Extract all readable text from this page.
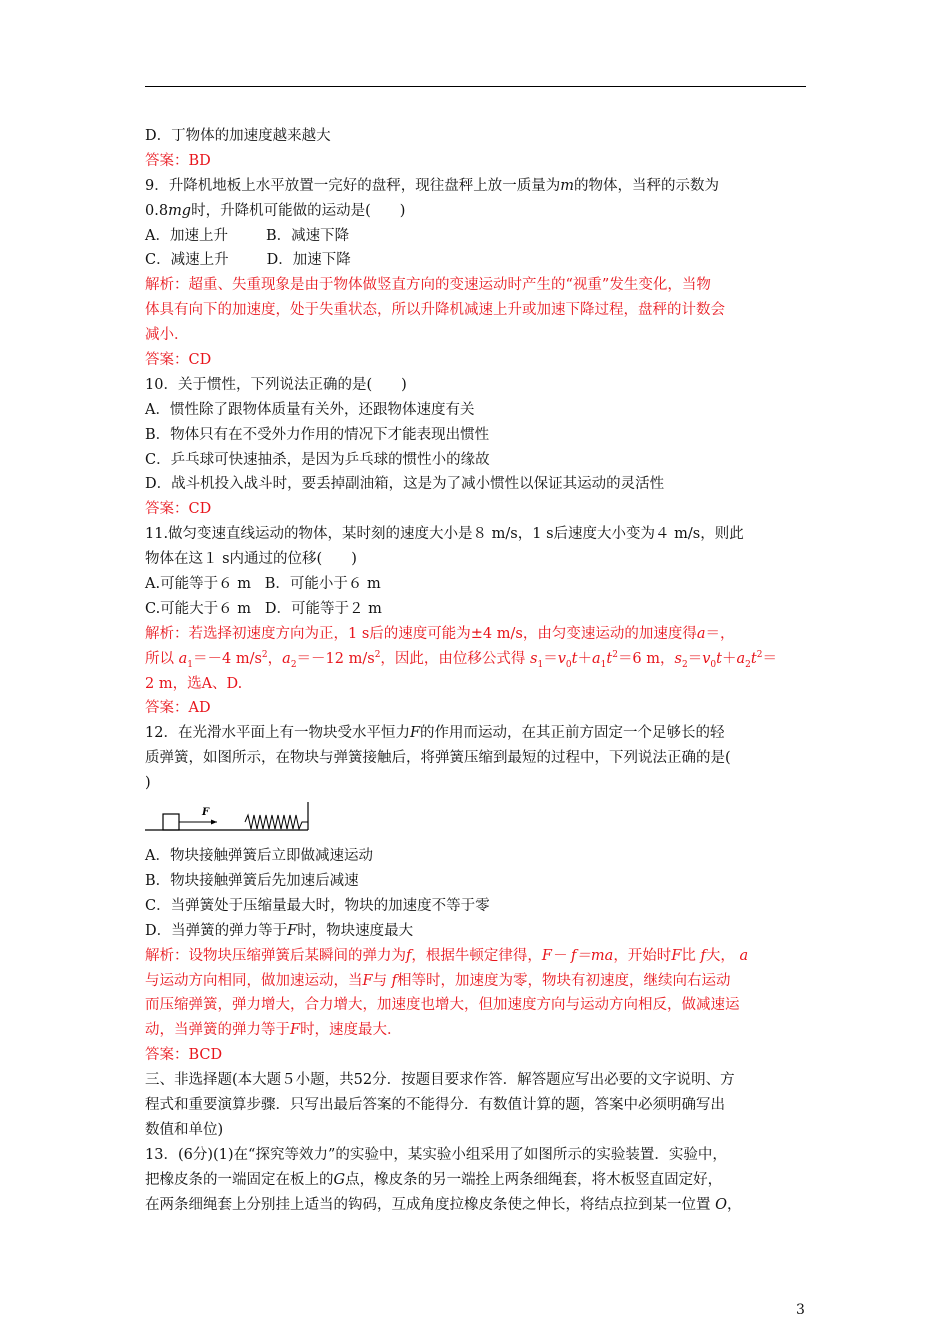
D．丁物体的加速度越来越大
答案：BD
9．升降机地板上水平放置一完好的盘秤，现往盘秤上放一质量为m的物体，当秤的示数为
0.8mg时，升降机可能做的运动是(　　)
A．加速上升	B．减速下降
C．减速上升	D．加速下降
解析：超重、失重现象是由于物体做竖直方向的变速运动时产生的“视重”发生变化，当物
体具有向下的加速度，处于失重状态，所以升降机减速上升或加速下降过程，盘秤的计数会
减小．
答案：CD
10．关于惯性，下列说法正确的是(　　)
A．惯性除了跟物体质量有关外，还跟物体速度有关
B．物体只有在不受外力作用的情况下才能表现出惯性
C．乒乓球可快速抽杀，是因为乒乓球的惯性小的缘故
D．战斗机投入战斗时，要丢掉副油箱，这是为了减小惯性以保证其运动的灵活性
答案：CD
11.做匀变速直线运动的物体，某时刻的速度大小是８ m/s，1 s后速度大小变为４ m/s，则此
物体在这１ s内通过的位移(　　)
A.可能等于６ m B．可能小于６ m
C.可能大于６ m D．可能等于２ m
解析：若选择初速度方向为正，1 s后的速度可能为±4 m/s，由匀变速运动的加速度得a＝，
所以 $a_1=-4$ $m/s^2$，$a_2=-12$ $m/s^2$，因此，由位移公式得 $s_1=v_0t+a_1t^2=6$ m，$s_2=v_0t+a_2t^2=$
2 m，选A、D.
答案：AD
12．在光滑水平面上有一物块受水平恒力F的作用而运动，在其正前方固定一个足够长的轻
质弹簧，如图所示，在物块与弹簧接触后，将弹簧压缩到最短的过程中，下列说法正确的是(
)
F
A．物块接触弹簧后立即做减速运动
B．物块接触弹簧后先加速后减速
C．当弹簧处于压缩量最大时，物块的加速度不等于零
D．当弹簧的弹力等于F时，物块速度最大
解析：设物块压缩弹簧后某瞬间的弹力为f，根据牛顿定律得，F－ f＝ma，开始时F比 f大， a
与运动方向相同，做加速运动，当F与 f相等时，加速度为零，物块有初速度，继续向右运动
而压缩弹簧，弹力增大，合力增大，加速度也增大，但加速度方向与运动方向相反，做减速运
动，当弹簧的弹力等于F时，速度最大．
答案：BCD
三、非选择题(本大题５小题，共52分．按题目要求作答．解答题应写出必要的文字说明、方
程式和重要演算步骤．只写出最后答案的不能得分．有数值计算的题，答案中必须明确写出
数值和单位)
13．(6分)(1)在“探究等效力”的实验中，某实验小组采用了如图所示的实验装置．实验中，
把橡皮条的一端固定在板上的G点，橡皮条的另一端拴上两条细绳套，将木板竖直固定好，
在两条细绳套上分别挂上适当的钩码，互成角度拉橡皮条使之伸长，将结点拉到某一位置 O，
3
